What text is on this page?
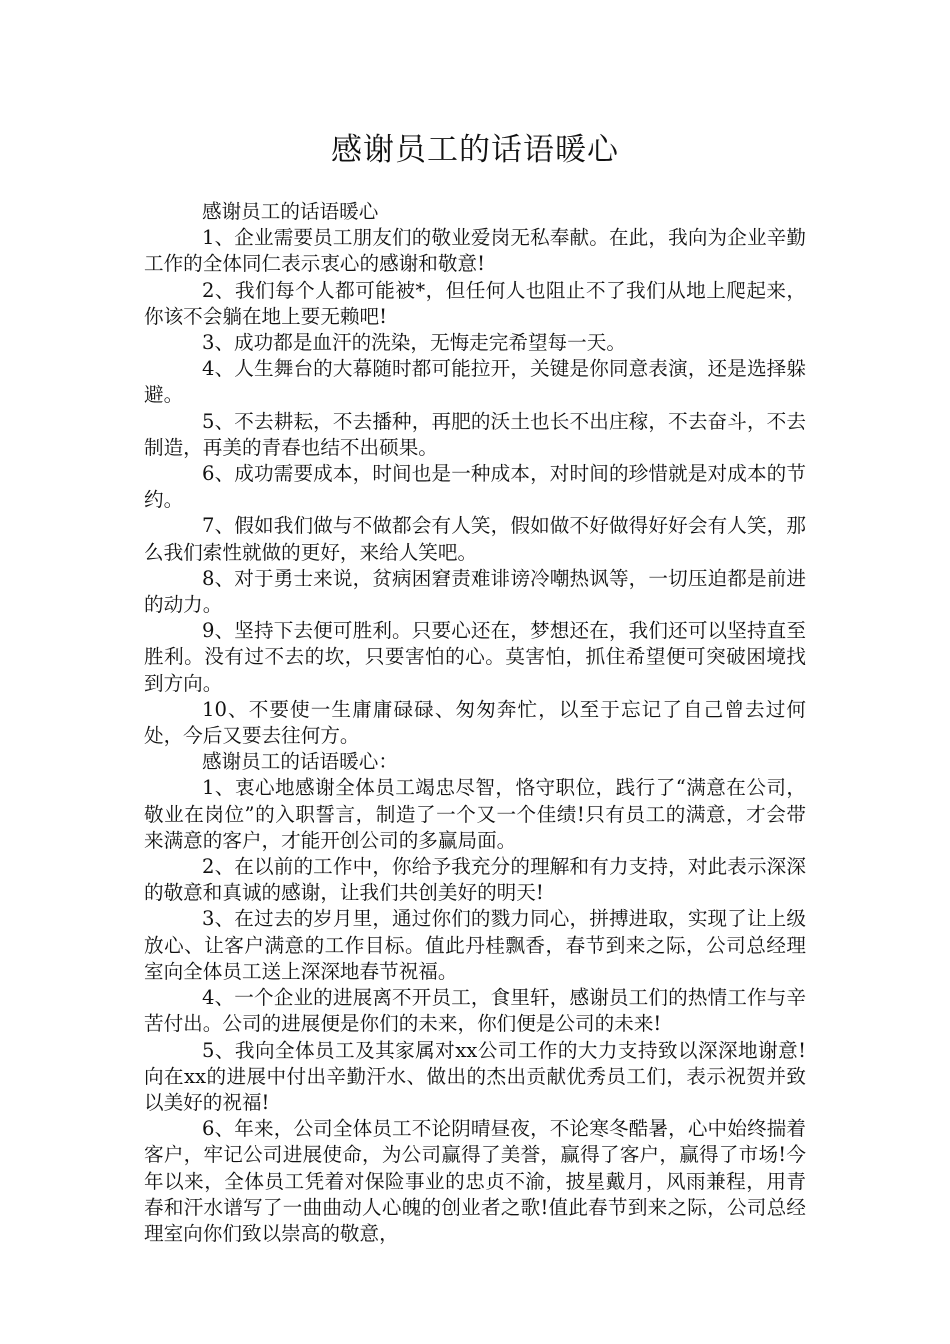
感谢员工的话语暖心

感谢员工的话语暖心

1、企业需要员工朋友们的敬业爱岗无私奉献。在此，我向为企业辛勤工作的全体同仁表示衷心的感谢和敬意!

2、我们每个人都可能被*，但任何人也阻止不了我们从地上爬起来，你该不会躺在地上要无赖吧!

3、成功都是血汗的洗染，无悔走完希望每一天。

4、人生舞台的大幕随时都可能拉开，关键是你同意表演，还是选择躲避。

5、不去耕耘，不去播种，再肥的沃土也长不出庄稼，不去奋斗，不去制造，再美的青春也结不出硕果。

6、成功需要成本，时间也是一种成本，对时间的珍惜就是对成本的节约。

7、假如我们做与不做都会有人笑，假如做不好做得好好会有人笑，那么我们索性就做的更好，来给人笑吧。

8、对于勇士来说，贫病困窘责难诽谤冷嘲热讽等，一切压迫都是前进的动力。

9、坚持下去便可胜利。只要心还在，梦想还在，我们还可以坚持直至胜利。没有过不去的坎，只要害怕的心。莫害怕，抓住希望便可突破困境找到方向。

10、不要使一生庸庸碌碌、匆匆奔忙，以至于忘记了自己曾去过何处，今后又要去往何方。

感谢员工的话语暖心：

1、衷心地感谢全体员工竭忠尽智，恪守职位，践行了“满意在公司，敬业在岗位”的入职誓言，制造了一个又一个佳绩!只有员工的满意，才会带来满意的客户，才能开创公司的多赢局面。

2、在以前的工作中，你给予我充分的理解和有力支持，对此表示深深的敬意和真诚的感谢，让我们共创美好的明天!

3、在过去的岁月里，通过你们的戮力同心，拼搏进取，实现了让上级放心、让客户满意的工作目标。值此丹桂飘香，春节到来之际，公司总经理室向全体员工送上深深地春节祝福。

4、一个企业的进展离不开员工，食里轩，感谢员工们的热情工作与辛苦付出。公司的进展便是你们的未来，你们便是公司的未来!

5、我向全体员工及其家属对xx公司工作的大力支持致以深深地谢意!向在xx的进展中付出辛勤汗水、做出的杰出贡献优秀员工们，表示祝贺并致以美好的祝福!

6、年来，公司全体员工不论阴晴昼夜，不论寒冬酷暑，心中始终揣着客户，牢记公司进展使命，为公司赢得了美誉，赢得了客户，赢得了市场!今年以来，全体员工凭着对保险事业的忠贞不渝，披星戴月，风雨兼程，用青春和汗水谱写了一曲曲动人心魄的创业者之歌!值此春节到来之际，公司总经理室向你们致以崇高的敬意，
